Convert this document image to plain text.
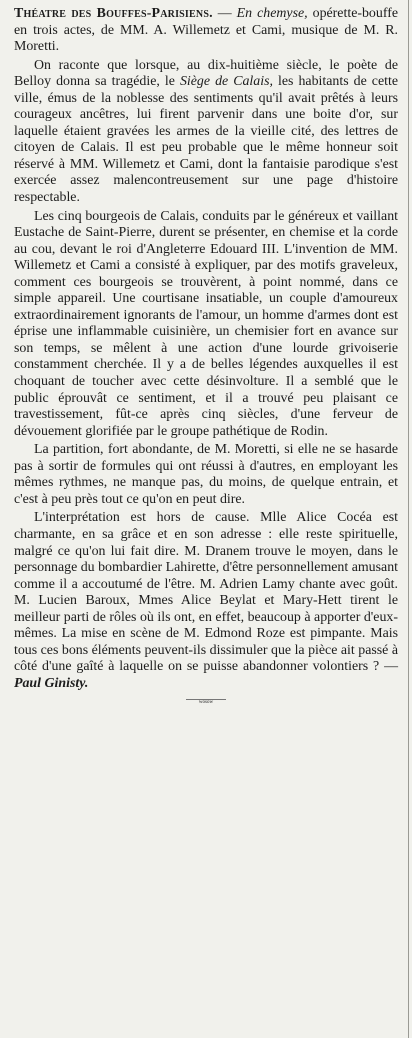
Théatre des Bouffes-Parisiens. — En chemyse, opérette-bouffe en trois actes, de MM. A. Willemetz et Cami, musique de M. R. Moretti.

On raconte que lorsque, au dix-huitième siècle, le poète de Belloy donna sa tragédie, le Siège de Calais, les habitants de cette ville, émus de la noblesse des sentiments qu'il avait prêtés à leurs courageux ancêtres, lui firent parvenir dans une boite d'or, sur laquelle étaient gravées les armes de la vieille cité, des lettres de citoyen de Calais. Il est peu probable que le même honneur soit réservé à MM. Willemetz et Cami, dont la fantaisie parodique s'est exercée assez malencontreusement sur une page d'histoire respectable.

Les cinq bourgeois de Calais, conduits par le généreux et vaillant Eustache de Saint-Pierre, durent se présenter, en chemise et la corde au cou, devant le roi d'Angleterre Edouard III. L'invention de MM. Willemetz et Cami a consisté à expliquer, par des motifs graveleux, comment ces bourgeois se trouvèrent, à point nommé, dans ce simple appareil. Une courtisane insatiable, un couple d'amoureux extraordinairement ignorants de l'amour, un homme d'armes dont est éprise une inflammable cuisinière, un chemisier fort en avance sur son temps, se mêlent à une action d'une lourde grivoiserie constamment cherchée. Il y a de belles légendes auxquelles il est choquant de toucher avec cette désinvolture. Il a semblé que le public éprouvât ce sentiment, et il a trouvé peu plaisant ce travestissement, fût-ce après cinq siècles, d'une ferveur de dévouement glorifiée par le groupe pathétique de Rodin.

La partition, fort abondante, de M. Moretti, si elle ne se hasarde pas à sortir de formules qui ont réussi à d'autres, en employant les mêmes rythmes, ne manque pas, du moins, de quelque entrain, et c'est à peu près tout ce qu'on en peut dire.

L'interprétation est hors de cause. Mlle Alice Cocéa est charmante, en sa grâce et en son adresse : elle reste spirituelle, malgré ce qu'on lui fait dire. M. Dranem trouve le moyen, dans le personnage du bombardier Lahirette, d'être personnellement amusant comme il a accoutumé de l'être. M. Adrien Lamy chante avec goût. M. Lucien Baroux, Mmes Alice Beylat et Mary-Hett tirent le meilleur parti de rôles où ils ont, en effet, beaucoup à apporter d'eux-mêmes. La mise en scène de M. Edmond Roze est pimpante. Mais tous ces bons éléments peuvent-ils dissimuler que la pièce ait passé à côté d'une gaîté à laquelle on se puisse abandonner volontiers ? — Paul Ginisty.

wosow
